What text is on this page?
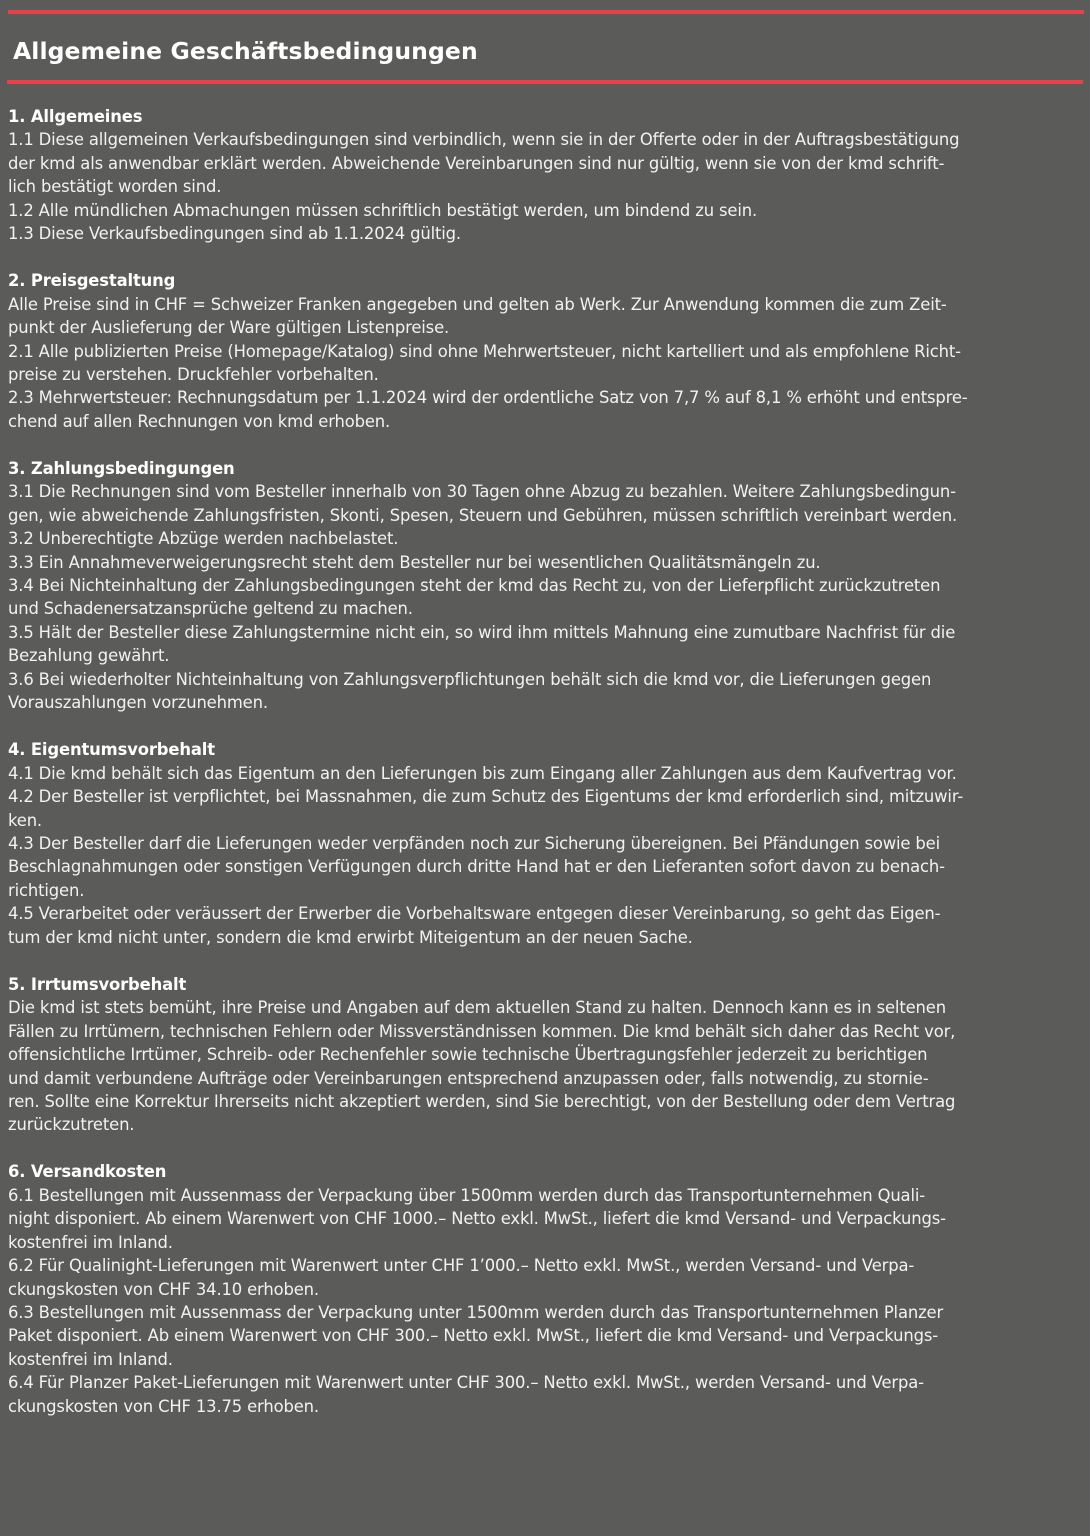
Allgemeine Geschäftsbedingungen

1. Allgemeines

1.1 Diese allgemeinen Verkaufsbedingungen sind verbindlich, wenn sie in der Offerte oder in der Auftragsbestätigung
der kmd als anwendbar erklärt werden. Abweichende Vereinbarungen sind nur gültig, wenn sie von der kmd schrift-
lich bestätigt worden sind.
1.2 Alle mündlichen Abmachungen müssen schriftlich bestätigt werden, um bindend zu sein.
1.3 Diese Verkaufsbedingungen sind ab 1.1.2024 gültig.

2. Preisgestaltung

Alle Preise sind in CHF = Schweizer Franken angegeben und gelten ab Werk. Zur Anwendung kommen die zum Zeit-
punkt der Auslieferung der Ware gültigen Listenpreise.
2.1 Alle publizierten Preise (Homepage/Katalog) sind ohne Mehrwertsteuer, nicht kartelliert und als empfohlene Richt-
preise zu verstehen. Druckfehler vorbehalten.
2.3 Mehrwertsteuer: Rechnungsdatum per 1.1.2024 wird der ordentliche Satz von 7,7 % auf 8,1 % erhöht und entspre-
chend auf allen Rechnungen von kmd erhoben.

3. Zahlungsbedingungen

3.1 Die Rechnungen sind vom Besteller innerhalb von 30 Tagen ohne Abzug zu bezahlen. Weitere Zahlungsbedingun-
gen, wie abweichende Zahlungsfristen, Skonti, Spesen, Steuern und Gebühren, müssen schriftlich vereinbart werden.
3.2 Unberechtigte Abzüge werden nachbelastet.
3.3 Ein Annahmeverweigerungsrecht steht dem Besteller nur bei wesentlichen Qualitätsmängeln zu.
3.4 Bei Nichteinhaltung der Zahlungsbedingungen steht der kmd das Recht zu, von der Lieferpflicht zurückzutreten
und Schadenersatzansprüche geltend zu machen.
3.5 Hält der Besteller diese Zahlungstermine nicht ein, so wird ihm mittels Mahnung eine zumutbare Nachfrist für die
Bezahlung gewährt.
3.6 Bei wiederholter Nichteinhaltung von Zahlungsverpflichtungen behält sich die kmd vor, die Lieferungen gegen
Vorauszahlungen vorzunehmen.

4. Eigentumsvorbehalt

4.1 Die kmd behält sich das Eigentum an den Lieferungen bis zum Eingang aller Zahlungen aus dem Kaufvertrag vor.
4.2 Der Besteller ist verpflichtet, bei Massnahmen, die zum Schutz des Eigentums der kmd erforderlich sind, mitzuwir-
ken.
4.3 Der Besteller darf die Lieferungen weder verpfänden noch zur Sicherung übereignen. Bei Pfändungen sowie bei
Beschlagnahmungen oder sonstigen Verfügungen durch dritte Hand hat er den Lieferanten sofort davon zu benach-
richtigen.
4.5 Verarbeitet oder veräussert der Erwerber die Vorbehaltsware entgegen dieser Vereinbarung, so geht das Eigen-
tum der kmd nicht unter, sondern die kmd erwirbt Miteigentum an der neuen Sache.

5. Irrtumsvorbehalt

Die kmd ist stets bemüht, ihre Preise und Angaben auf dem aktuellen Stand zu halten. Dennoch kann es in seltenen
Fällen zu Irrtümern, technischen Fehlern oder Missverständnissen kommen. Die kmd behält sich daher das Recht vor,
offensichtliche Irrtümer, Schreib- oder Rechenfehler sowie technische Übertragungsfehler jederzeit zu berichtigen
und damit verbundene Aufträge oder Vereinbarungen entsprechend anzupassen oder, falls notwendig, zu stornie-
ren. Sollte eine Korrektur Ihrerseits nicht akzeptiert werden, sind Sie berechtigt, von der Bestellung oder dem Vertrag
zurückzutreten.

6. Versandkosten

6.1 Bestellungen mit Aussenmass der Verpackung über 1500mm werden durch das Transportunternehmen Quali-
night disponiert. Ab einem Warenwert von CHF 1000.– Netto exkl. MwSt., liefert die kmd Versand- und Verpackungs-
kostenfrei im Inland.
6.2 Für Qualinight-Lieferungen mit Warenwert unter CHF 1’000.– Netto exkl. MwSt., werden Versand- und Verpa-
ckungskosten von CHF 34.10 erhoben.
6.3 Bestellungen mit Aussenmass der Verpackung unter 1500mm werden durch das Transportunternehmen Planzer
Paket disponiert. Ab einem Warenwert von CHF 300.– Netto exkl. MwSt., liefert die kmd Versand- und Verpackungs-
kostenfrei im Inland.
6.4 Für Planzer Paket-Lieferungen mit Warenwert unter CHF 300.– Netto exkl. MwSt., werden Versand- und Verpa-
ckungskosten von CHF 13.75 erhoben.
